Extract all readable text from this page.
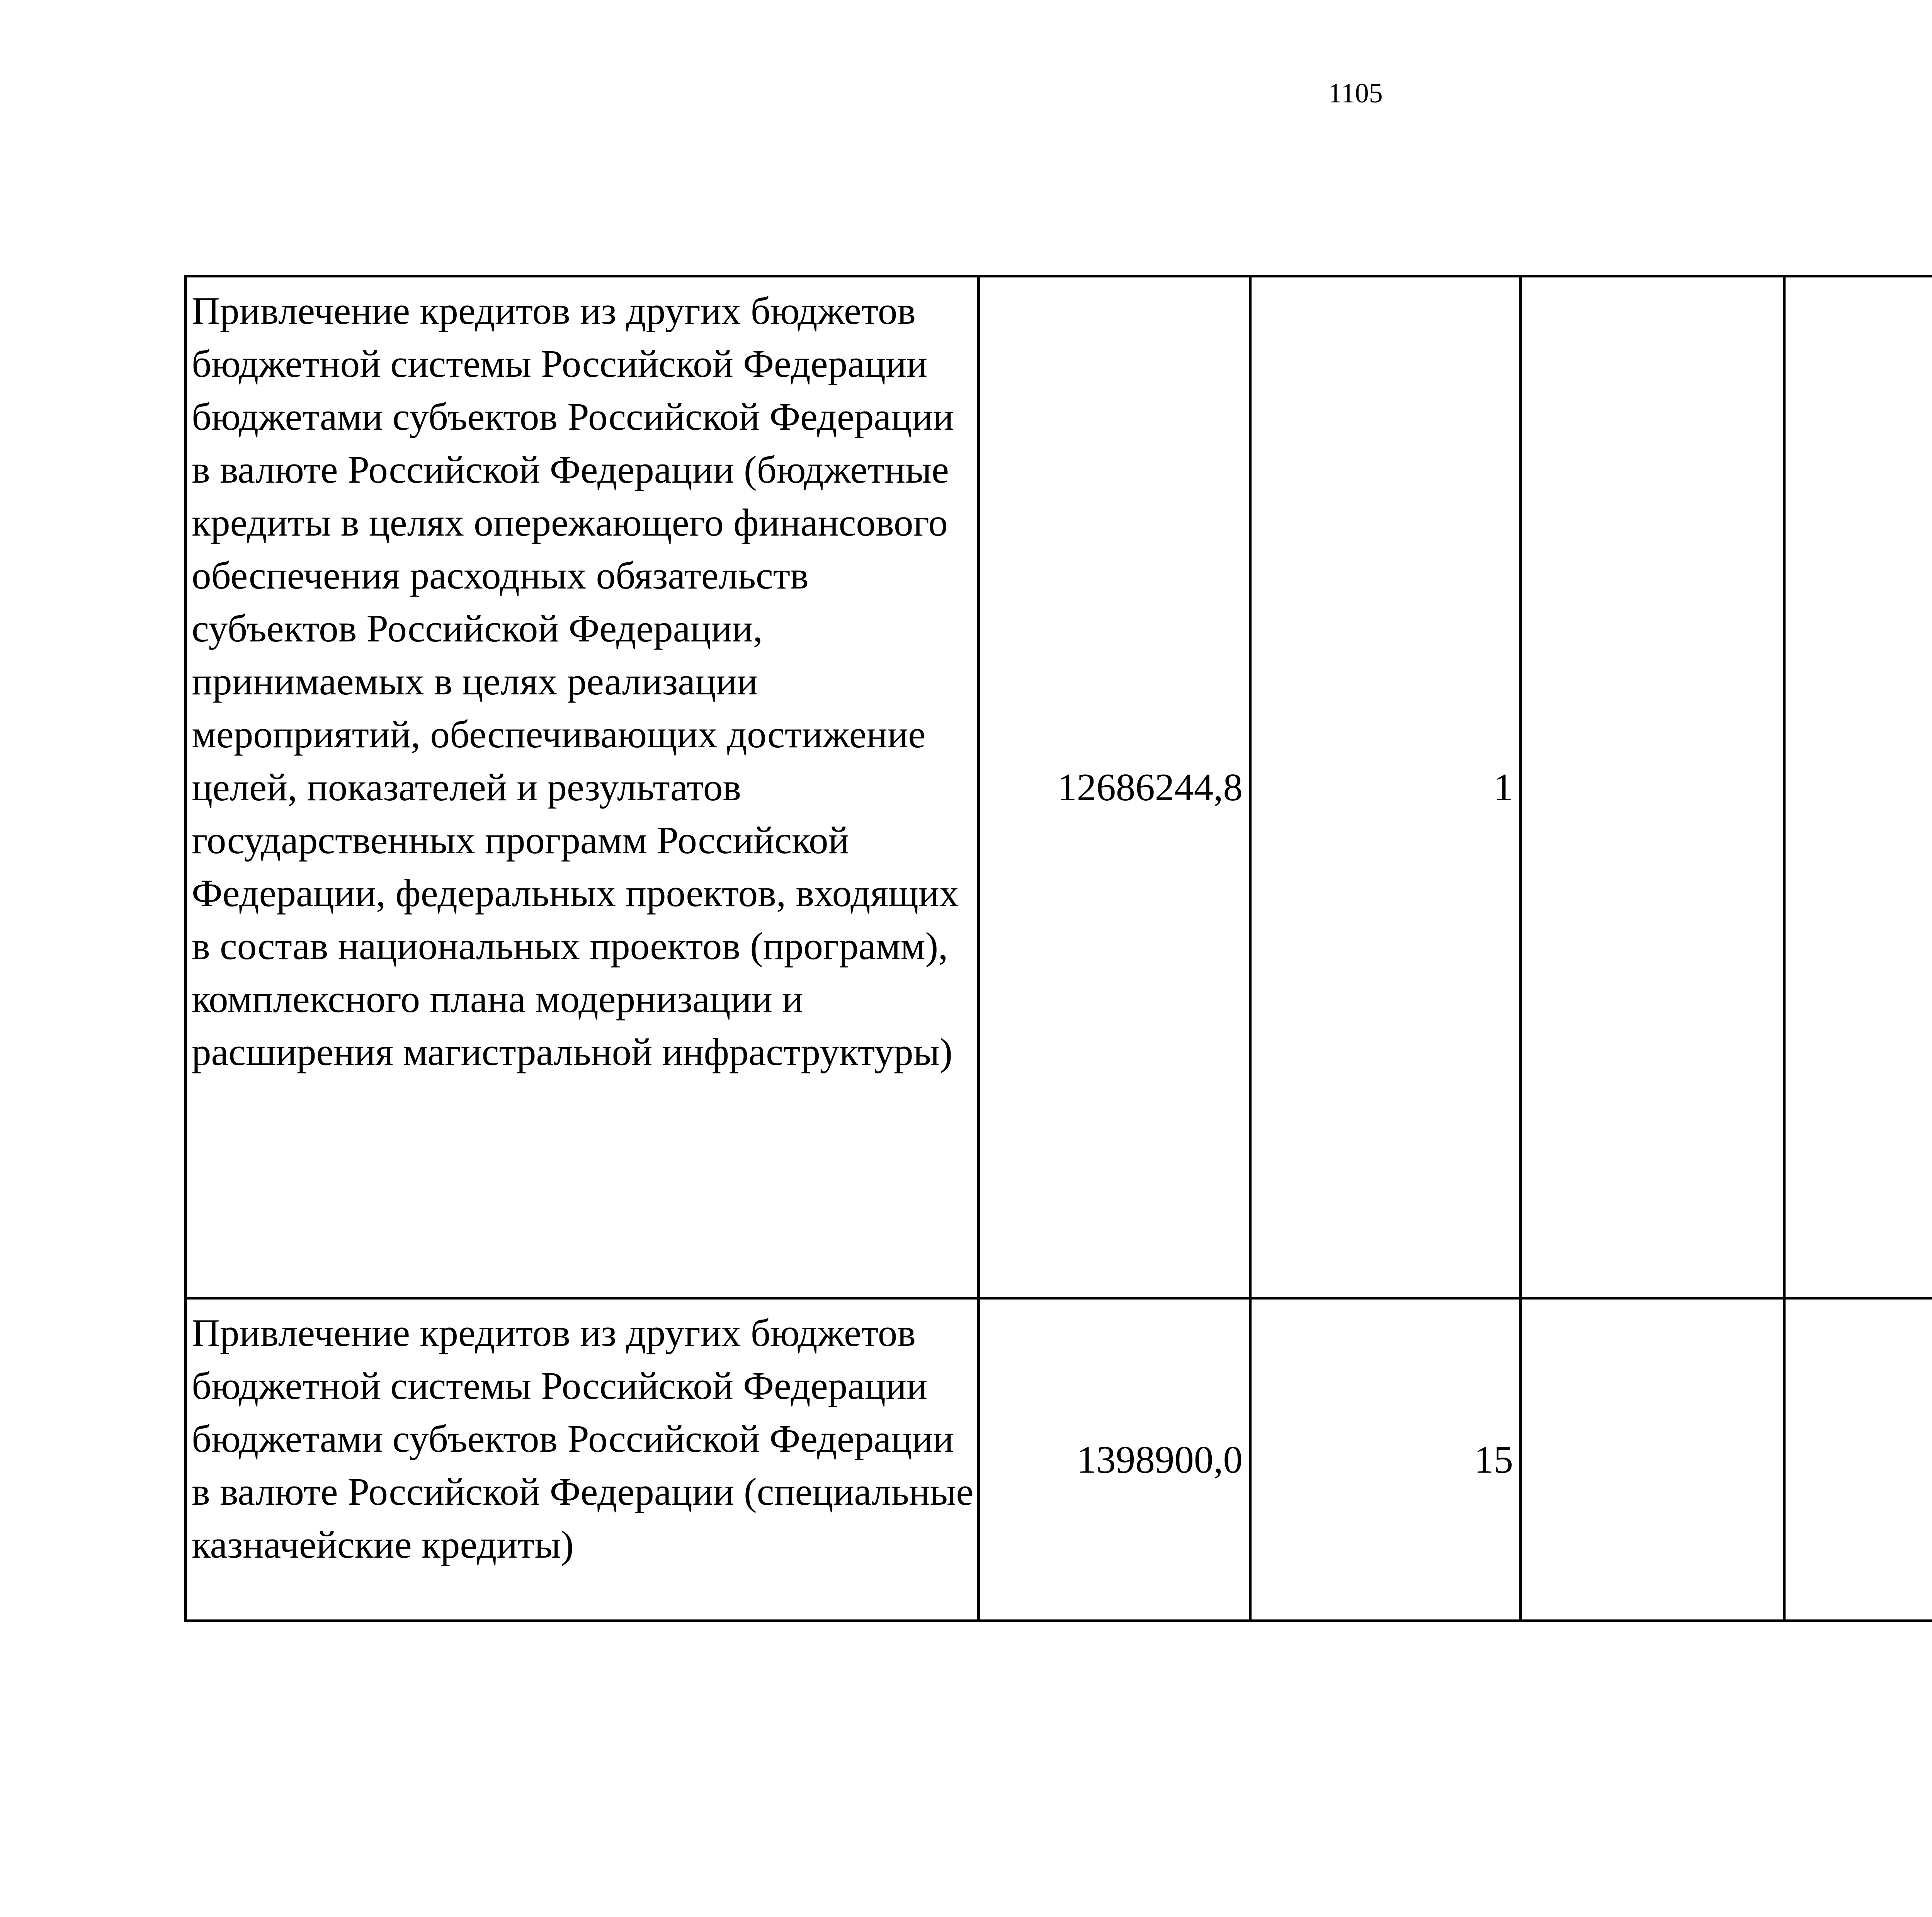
1105
Привлечение кредитов из других бюджетов бюджетной системы Российской Федерации бюджетами субъектов Российской Федерации в валюте Российской Федерации (бюджетные кредиты в целях опережающего финансового обеспечения расходных обязательств субъектов Российской Федерации, принимаемых в целях реализации мероприятий, обеспечивающих достижение целей, показателей и результатов государственных программ Российской Федерации, федеральных проектов, входящих в состав национальных проектов (программ), комплексного плана модернизации и расширения магистральной инфраструктуры)	12686244,8	1				
Привлечение кредитов из других бюджетов бюджетной системы Российской Федерации бюджетами субъектов Российской Федерации в валюте Российской Федерации (специальные казначейские кредиты)	1398900,0	15				
